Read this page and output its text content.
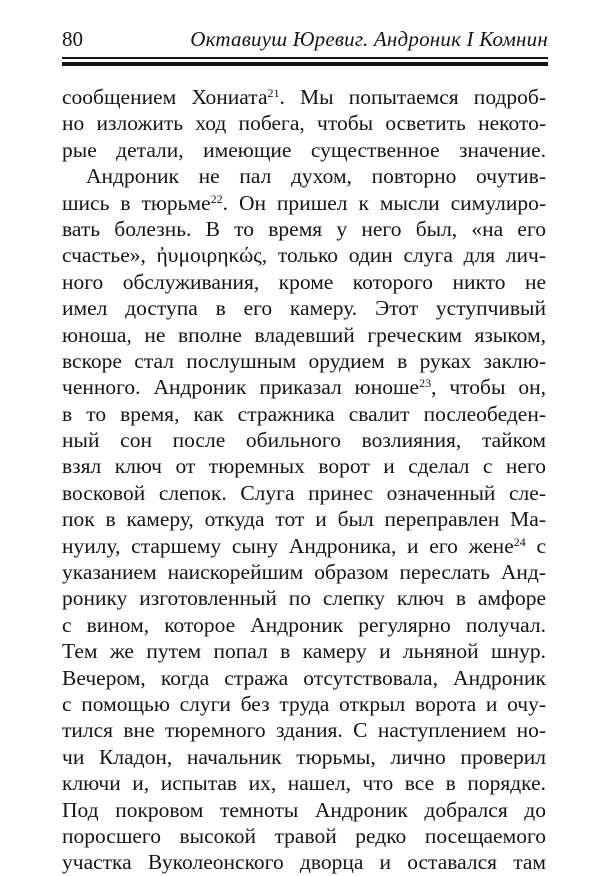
80	Октавиуш Юревиг. Андроник I Комнин
сообщением Хониата$^{21}$. Мы попытаемся подроб-
но изложить ход побега, чтобы осветить некото-
рые детали, имеющие существенное значение.
Андроник не пал духом, повторно очутив-
шись в тюрьме$^{22}$. Он пришел к мысли симулиро-
вать болезнь. В то время у него был, «на его
счастье», ἠυμοιρηκώς, только один слуга для лич-
ного обслуживания, кроме которого никто не
имел доступа в его камеру. Этот уступчивый
юноша, не вполне владевший греческим языком,
вскоре стал послушным орудием в руках заклю-
ченного. Андроник приказал юноше$^{23}$, чтобы он,
в то время, как стражника свалит послеобеден-
ный сон после обильного возлияния, тайком
взял ключ от тюремных ворот и сделал с него
восковой слепок. Слуга принес означенный сле-
пок в камеру, откуда тот и был переправлен Ма-
нуилу, старшему сыну Андроника, и его жене$^{24}$ с
указанием наискорейшим образом переслать Анд-
ронику изготовленный по слепку ключ в амфоре
с вином, которое Андроник регулярно получал.
Тем же путем попал в камеру и льняной шнур.
Вечером, когда стража отсутствовала, Андроник
с помощью слуги без труда открыл ворота и очу-
тился вне тюремного здания. С наступлением но-
чи Кладон, начальник тюрьмы, лично проверил
ключи и, испытав их, нашел, что все в порядке.
Под покровом темноты Андроник добрался до
поросшего высокой травой редко посещаемого
участка Вуколеонского дворца и оставался там
